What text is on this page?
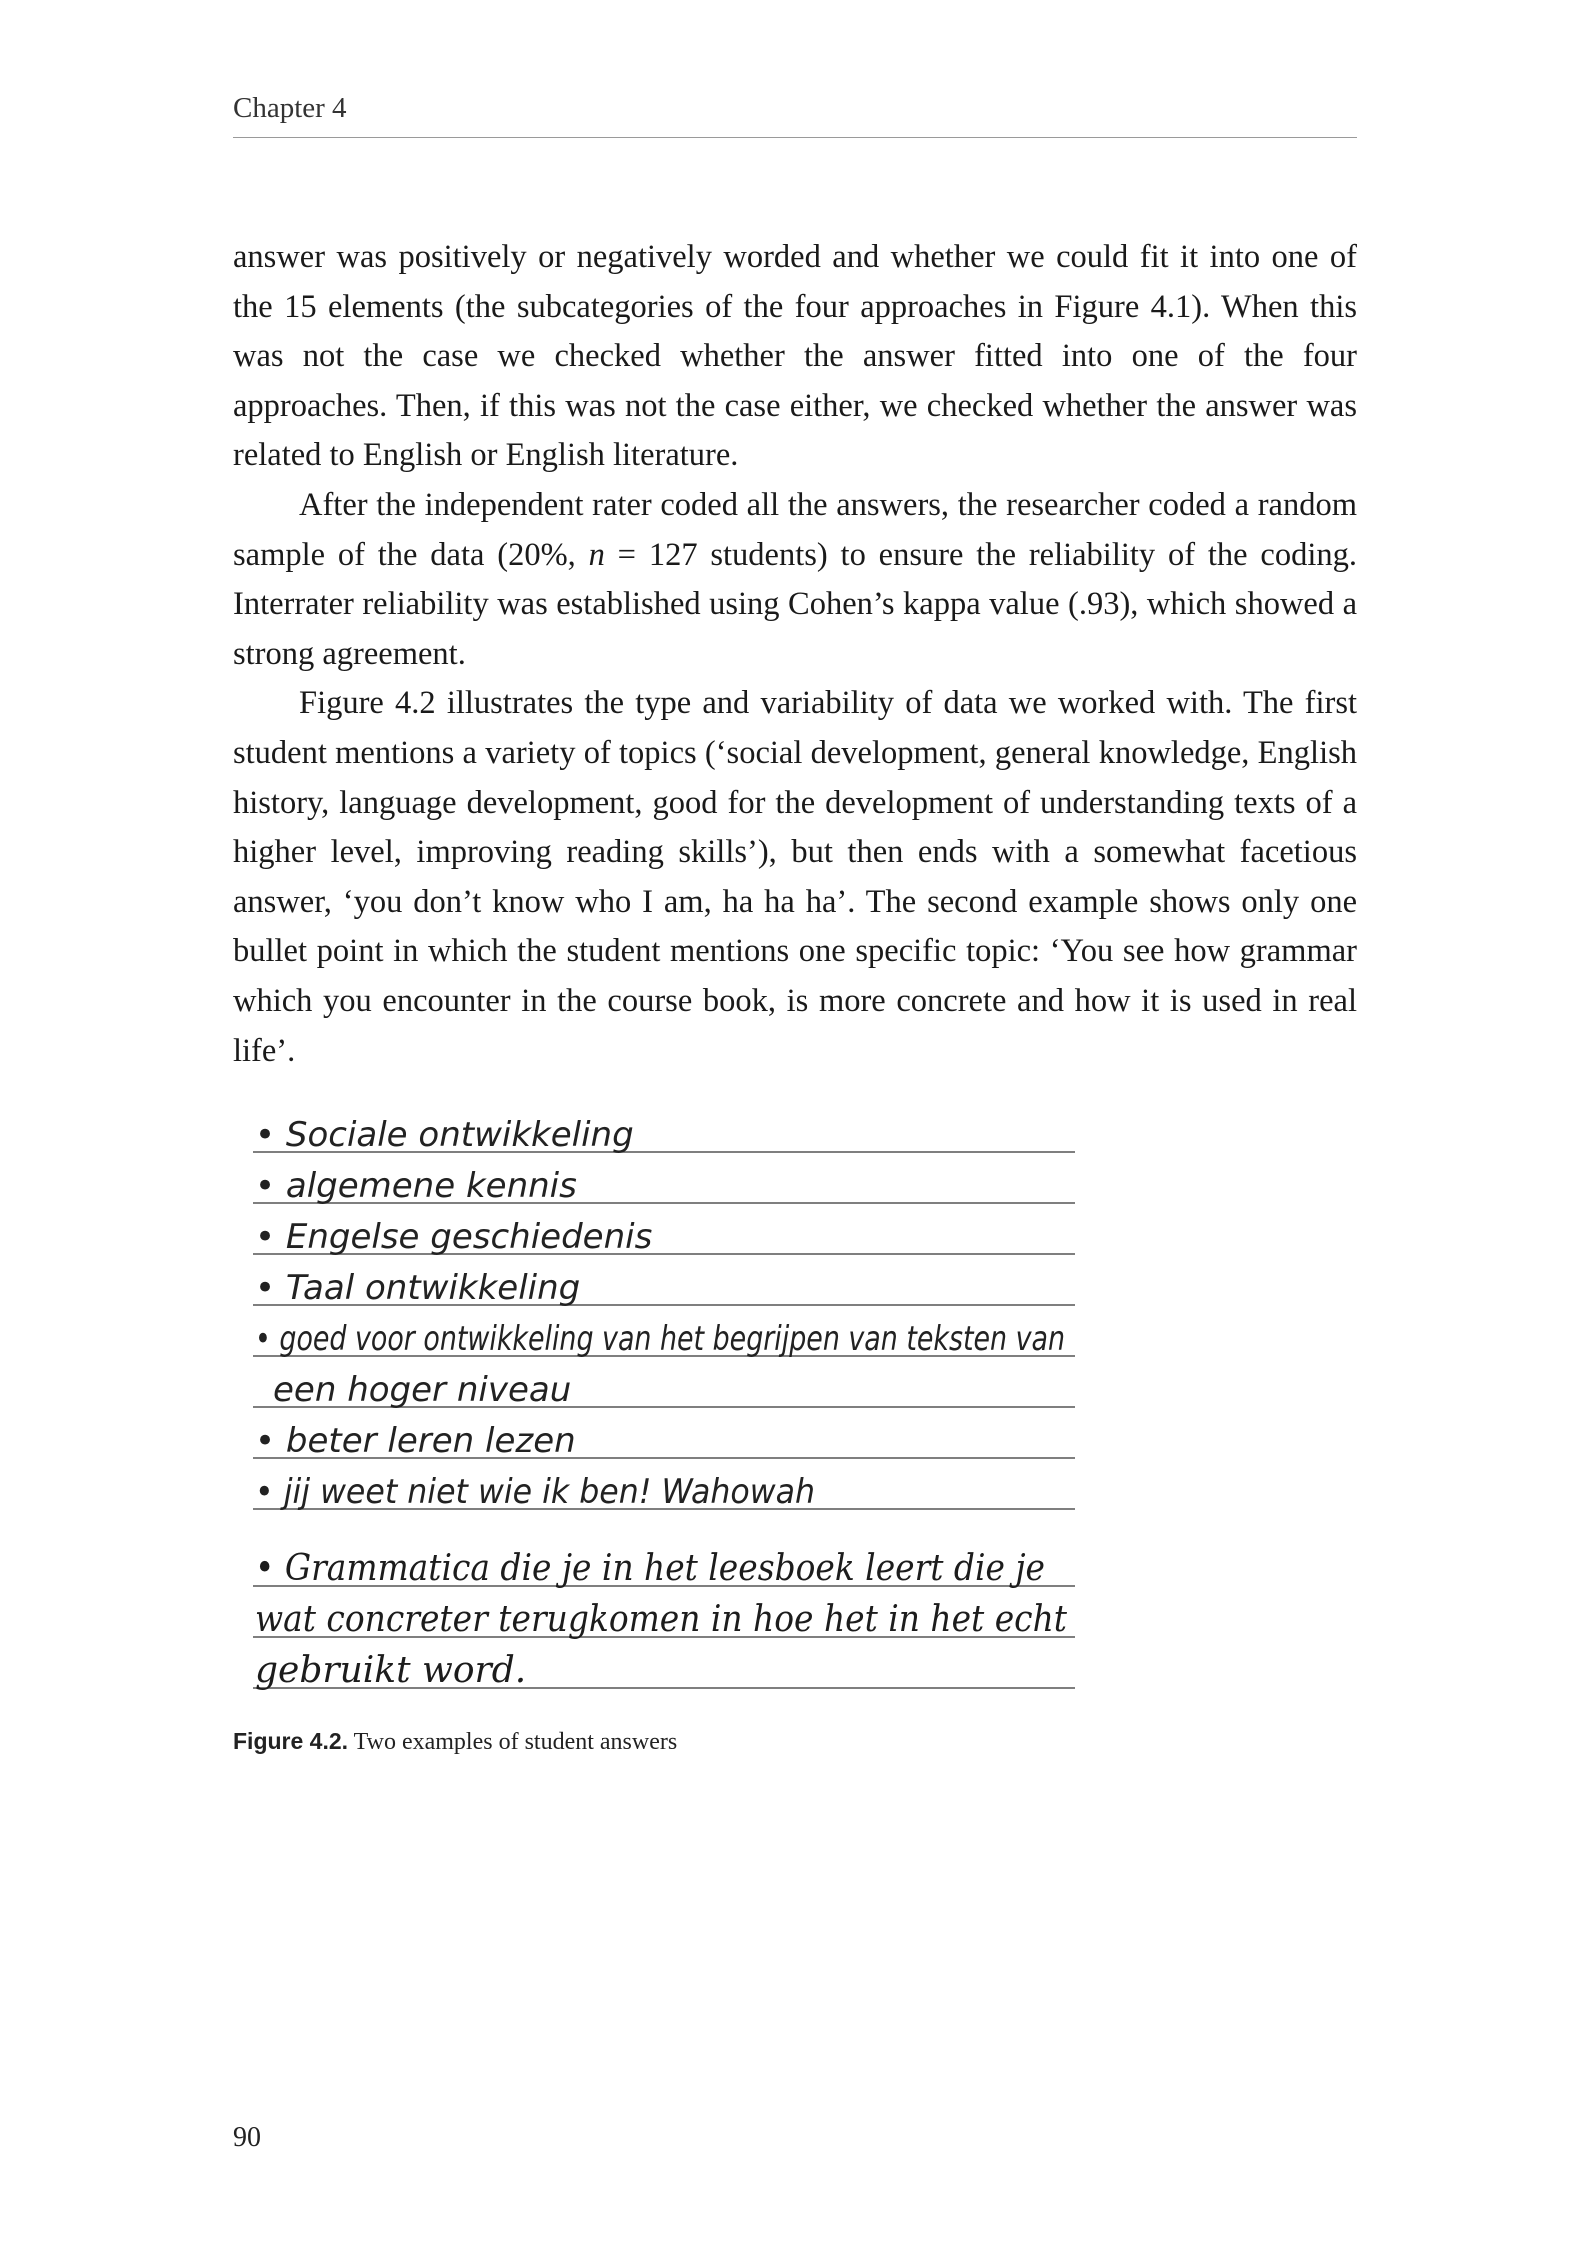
Chapter 4

answer was positively or negatively worded and whether we could fit it into one of the 15 elements (the subcategories of the four approaches in Figure 4.1). When this was not the case we checked whether the answer fitted into one of the four approaches. Then, if this was not the case either, we checked whether the answer was related to English or English literature.

After the independent rater coded all the answers, the researcher coded a random sample of the data (20%, n = 127 students) to ensure the reliability of the coding. Interrater reliability was established using Cohen’s kappa value (.93), which showed a strong agreement.

Figure 4.2 illustrates the type and variability of data we worked with. The first student mentions a variety of topics (‘social development, general knowledge, English history, language development, good for the development of understanding texts of a higher level, improving reading skills’), but then ends with a somewhat facetious answer, ‘you don’t know who I am, ha ha ha’. The second example shows only one bullet point in which the student mentions one specific topic: ‘You see how grammar which you encounter in the course book, is more concrete and how it is used in real life’.

• Sociale ontwikkeling
• algemene kennis
• Engelse geschiedenis
• Taal ontwikkeling
• goed voor ontwikkeling van het begrijpen van teksten van
een hoger niveau
• beter leren lezen
• jij weet niet wie ik ben! Wahowah
• Grammatica die je in het leesboek leert die je
wat concreter terugkomen in hoe het in het echt
gebruikt word.
Figure 4.2. Two examples of student answers
90
